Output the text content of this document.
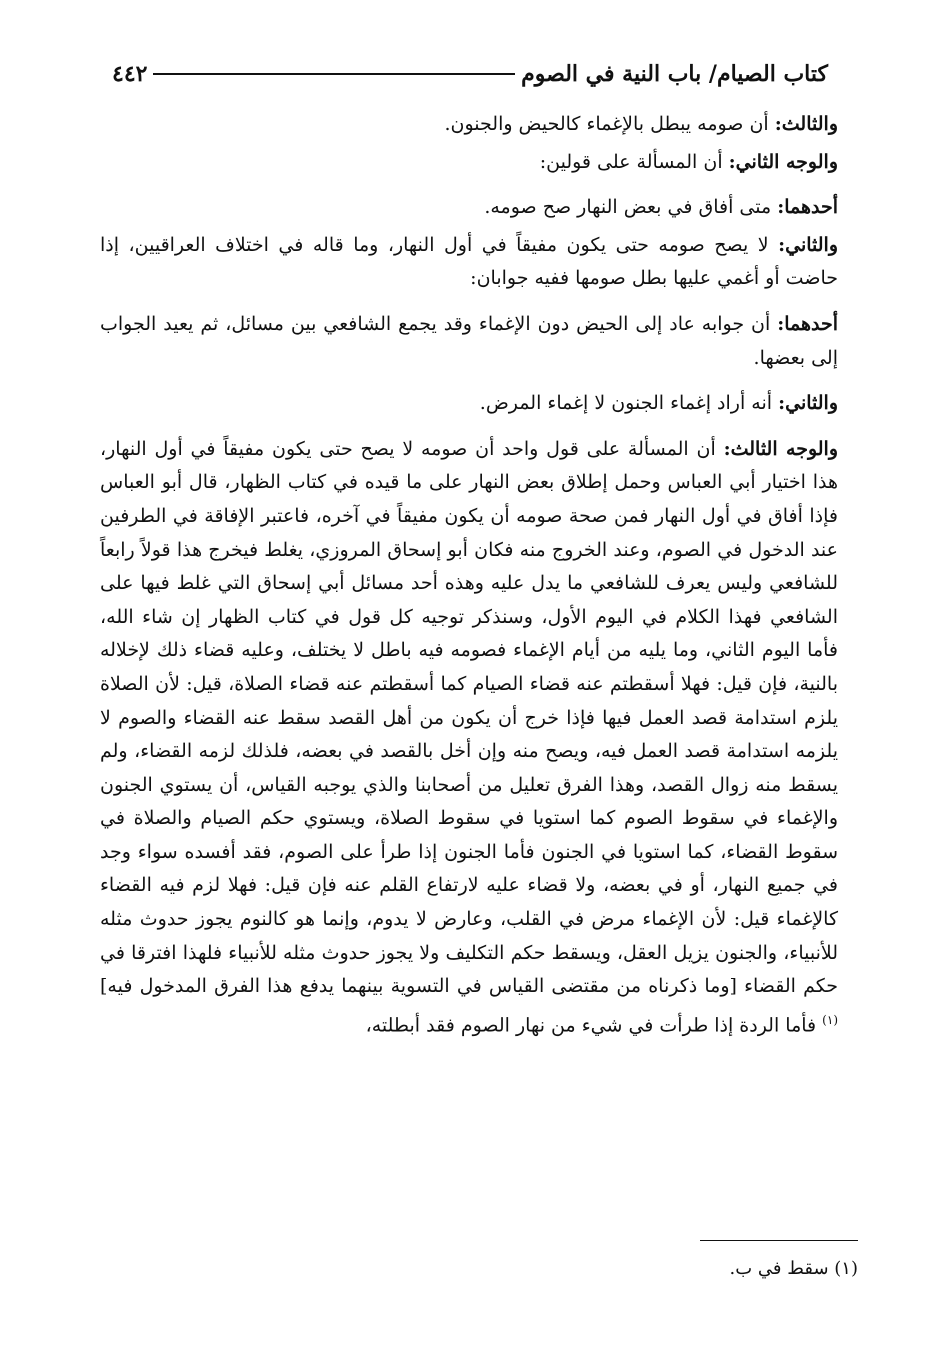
كتاب الصيام/ باب النية في الصوم
٤٤٢

والثالث: أن صومه يبطل بالإغماء كالحيض والجنون.

والوجه الثاني: أن المسألة على قولين:

أحدهما: متى أفاق في بعض النهار صح صومه.

والثاني: لا يصح صومه حتى يكون مفيقاً في أول النهار، وما قاله في اختلاف العراقيين، إذا حاضت أو أغمي عليها بطل صومها ففيه جوابان:

أحدهما: أن جوابه عاد إلى الحيض دون الإغماء وقد يجمع الشافعي بين مسائل، ثم يعيد الجواب إلى بعضها.

والثاني: أنه أراد إغماء الجنون لا إغماء المرض.

والوجه الثالث: أن المسألة على قول واحد أن صومه لا يصح حتى يكون مفيقاً في أول النهار، هذا اختيار أبي العباس وحمل إطلاق بعض النهار على ما قيده في كتاب الظهار، قال أبو العباس فإذا أفاق في أول النهار فمن صحة صومه أن يكون مفيقاً في آخره، فاعتبر الإفاقة في الطرفين عند الدخول في الصوم، وعند الخروج منه فكان أبو إسحاق المروزي، يغلط فيخرج هذا قولاً رابعاً للشافعي وليس يعرف للشافعي ما يدل عليه وهذه أحد مسائل أبي إسحاق التي غلط فيها على الشافعي فهذا الكلام في اليوم الأول، وسنذكر توجيه كل قول في كتاب الظهار إن شاء الله، فأما اليوم الثاني، وما يليه من أيام الإغماء فصومه فيه باطل لا يختلف، وعليه قضاء ذلك لإخلاله بالنية، فإن قيل: فهلا أسقطتم عنه قضاء الصيام كما أسقطتم عنه قضاء الصلاة، قيل: لأن الصلاة يلزم استدامة قصد العمل فيها فإذا خرج أن يكون من أهل القصد سقط عنه القضاء والصوم لا يلزمه استدامة قصد العمل فيه، ويصح منه وإن أخل بالقصد في بعضه، فلذلك لزمه القضاء، ولم يسقط منه زوال القصد، وهذا الفرق تعليل من أصحابنا والذي يوجبه القياس، أن يستوي الجنون والإغماء في سقوط الصوم كما استويا في سقوط الصلاة، ويستوي حكم الصيام والصلاة في سقوط القضاء، كما استويا في الجنون فأما الجنون إذا طرأ على الصوم، فقد أفسده سواء وجد في جميع النهار، أو في بعضه، ولا قضاء عليه لارتفاع القلم عنه فإن قيل: فهلا لزم فيه القضاء كالإغماء قيل: لأن الإغماء مرض في القلب، وعارض لا يدوم، وإنما هو كالنوم يجوز حدوث مثله للأنبياء، والجنون يزيل العقل، ويسقط حكم التكليف ولا يجوز حدوث مثله للأنبياء فلهذا افترقا في حكم القضاء [وما ذكرناه من مقتضى القياس في التسوية بينهما يدفع هذا الفرق المدخول فيه]$^{(١)}$ فأما الردة إذا طرأت في شيء من نهار الصوم فقد أبطلته،

(١) سقط في ب.
